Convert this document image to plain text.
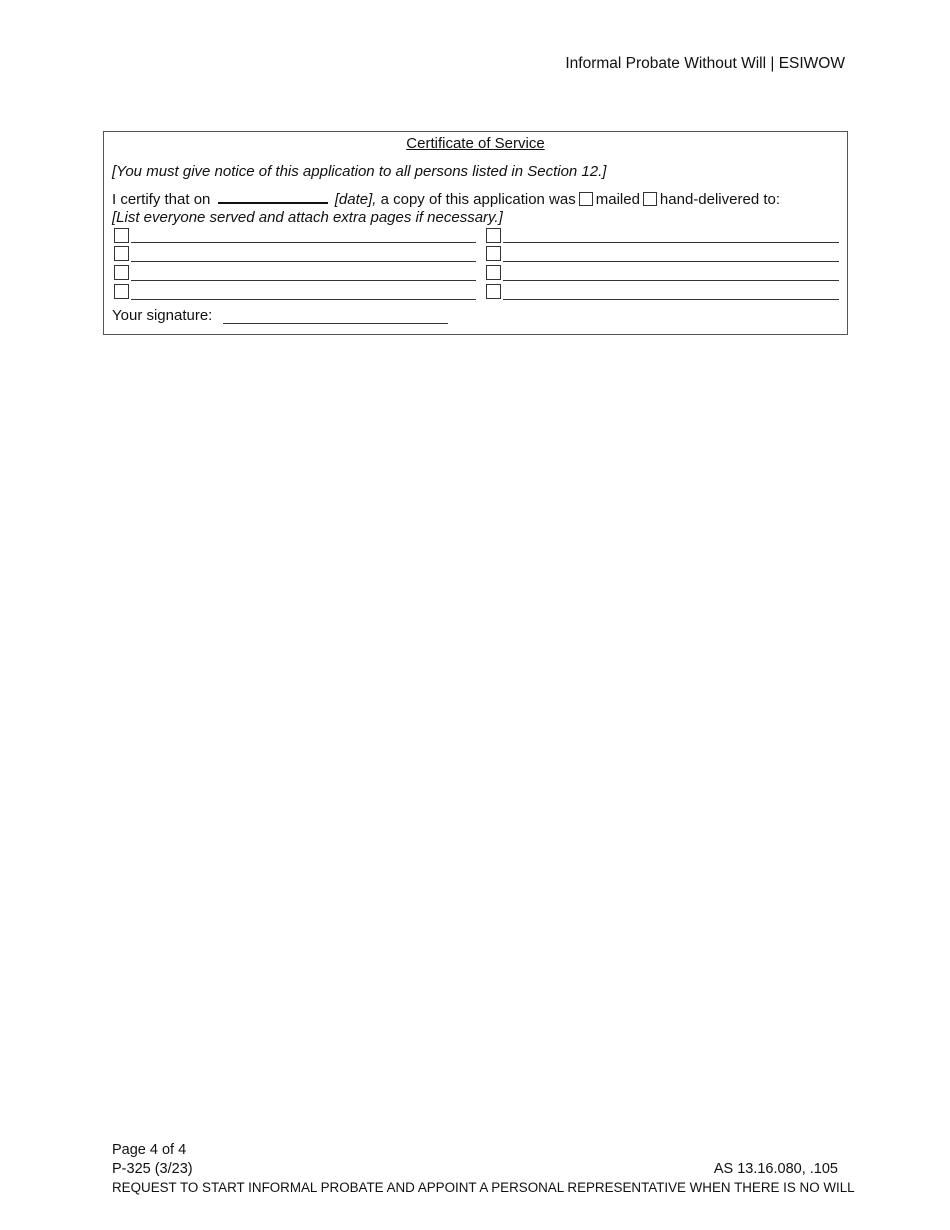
Informal Probate Without Will | ESIWOW
Certificate of Service
[You must give notice of this application to all persons listed in Section 12.]
I certify that on	[date], a copy of this application was mailed hand-delivered to:
[List everyone served and attach extra pages if necessary.]
Your signature:
Page 4 of 4
P-325 (3/23)	AS 13.16.080, .105
REQUEST TO START INFORMAL PROBATE AND APPOINT A PERSONAL REPRESENTATIVE WHEN THERE IS NO WILL
